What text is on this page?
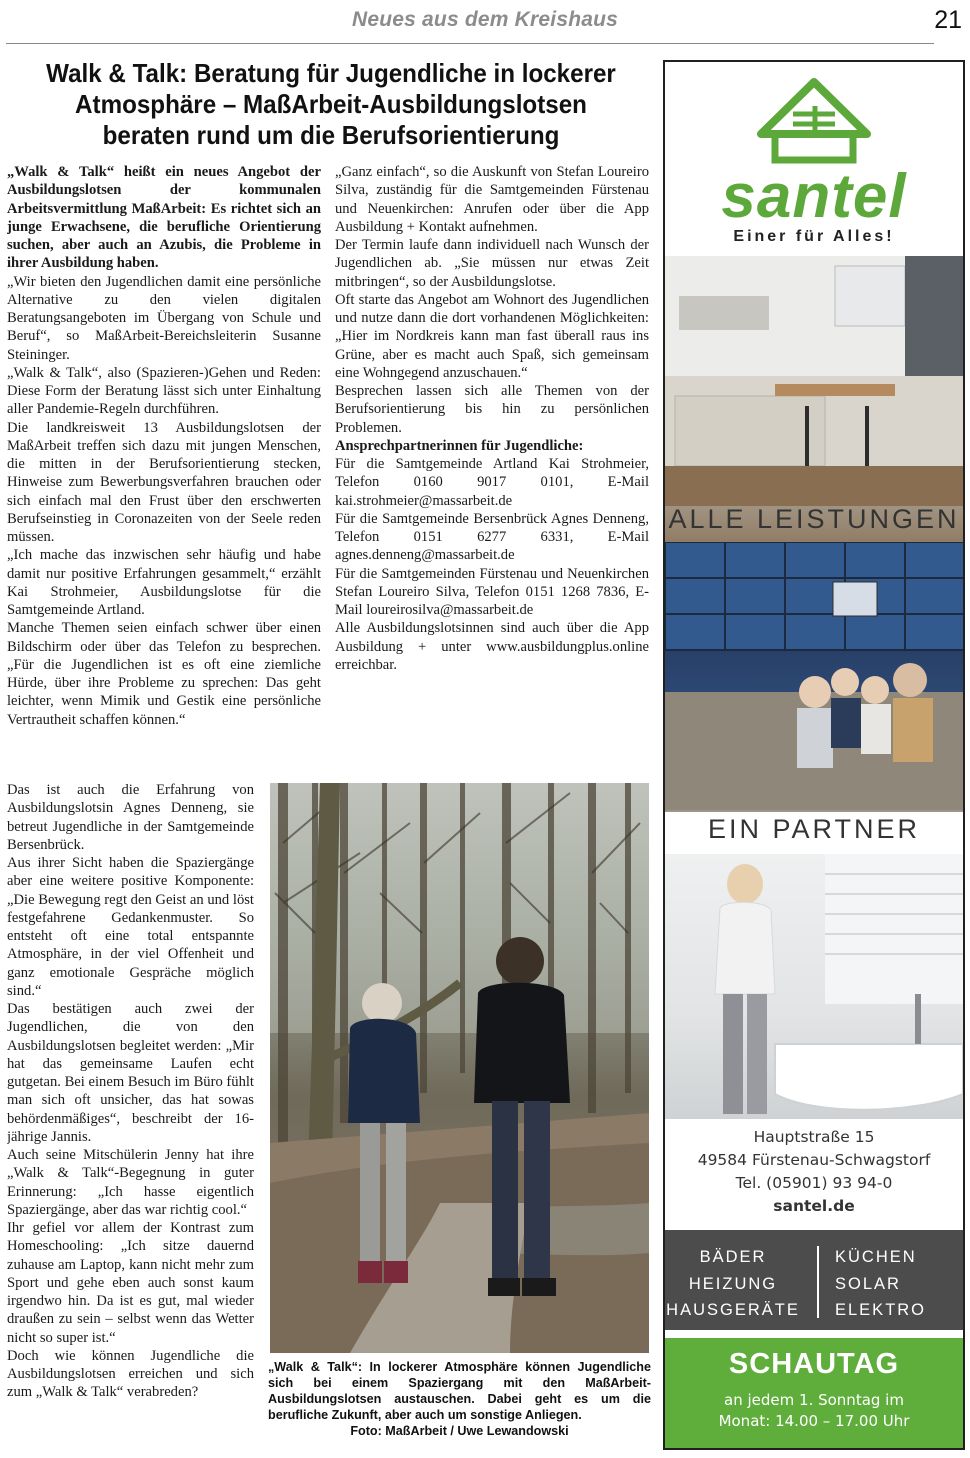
Neues aus dem Kreishaus	21
Walk & Talk: Beratung für Jugendliche in lockerer
Atmosphäre – MaßArbeit-Ausbildungslotsen
beraten rund um die Berufsorientierung

„Walk & Talk“ heißt ein neues Angebot der Ausbildungslotsen der kommunalen Arbeitsvermittlung MaßArbeit: Es richtet sich an junge Erwachsene, die berufliche Orientierung suchen, aber auch an Azubis, die Probleme in ihrer Ausbildung haben.

„Wir bieten den Jugendlichen damit eine persönliche Alternative zu den vielen digitalen Beratungsangeboten im Übergang von Schule und Beruf“, so MaßArbeit-Bereichsleiterin Susanne Steininger.

„Walk & Talk“, also (Spazieren-)Gehen und Reden: Diese Form der Beratung lässt sich unter Einhaltung aller Pandemie-Regeln durchführen.

Die landkreisweit 13 Ausbildungslotsen der MaßArbeit treffen sich dazu mit jungen Menschen, die mitten in der Berufsorientierung stecken, Hinweise zum Bewerbungsverfahren brauchen oder sich einfach mal den Frust über den erschwerten Berufseinstieg in Coronazeiten von der Seele reden müssen.

„Ich mache das inzwischen sehr häufig und habe damit nur positive Erfahrungen gesammelt,“ erzählt Kai Strohmeier, Ausbildungslotse für die Samtgemeinde Artland.

Manche Themen seien einfach schwer über einen Bildschirm oder über das Telefon zu besprechen. „Für die Jugendlichen ist es oft eine ziemliche Hürde, über ihre Probleme zu sprechen: Das geht leichter, wenn Mimik und Gestik eine persönliche Vertrautheit schaffen können.“

Das ist auch die Erfahrung von Ausbildungslotsin Agnes Denneng, sie betreut Jugendliche in der Samtgemeinde Bersenbrück.

Aus ihrer Sicht haben die Spaziergänge aber eine weitere positive Komponente: „Die Bewegung regt den Geist an und löst festgefahrene Gedankenmuster. So entsteht oft eine total entspannte Atmosphäre, in der viel Offenheit und ganz emotionale Gespräche möglich sind.“

Das bestätigen auch zwei der Jugendlichen, die von den Ausbildungslotsen begleitet werden: „Mir hat das gemeinsame Laufen echt gutgetan. Bei einem Besuch im Büro fühlt man sich oft unsicher, das hat sowas behördenmäßiges“, beschreibt der 16-jährige Jannis.

Auch seine Mitschülerin Jenny hat ihre „Walk & Talk“-Begegnung in guter Erinnerung: „Ich hasse eigentlich Spaziergänge, aber das war richtig cool.“

Ihr gefiel vor allem der Kontrast zum Homeschooling: „Ich sitze dauernd zuhause am Laptop, kann nicht mehr zum Sport und gehe eben auch sonst kaum irgendwo hin. Da ist es gut, mal wieder draußen zu sein – selbst wenn das Wetter nicht so super ist.“

Doch wie können Jugendliche die Ausbildungslotsen erreichen und sich zum „Walk & Talk“ verabreden?

„Ganz einfach“, so die Auskunft von Stefan Loureiro Silva, zuständig für die Samtgemeinden Fürstenau und Neuenkirchen: Anrufen oder über die App Ausbildung + Kontakt aufnehmen.

Der Termin laufe dann individuell nach Wunsch der Jugendlichen ab. „Sie müssen nur etwas Zeit mitbringen“, so der Ausbildungslotse.

Oft starte das Angebot am Wohnort des Jugendlichen und nutze dann die dort vorhandenen Möglichkeiten: „Hier im Nordkreis kann man fast überall raus ins Grüne, aber es macht auch Spaß, sich gemeinsam eine Wohngegend anzuschauen.“

Besprechen lassen sich alle Themen von der Berufsorientierung bis hin zu persönlichen Problemen.

Ansprechpartnerinnen für Jugendliche:

Für die Samtgemeinde Artland Kai Strohmeier, Telefon 0160 9017 0101, E-Mail kai.strohmeier@massarbeit.de

Für die Samtgemeinde Bersenbrück Agnes Denneng, Telefon 0151 6277 6331, E-Mail agnes.denneng@massarbeit.de

Für die Samtgemeinden Fürstenau und Neuenkirchen Stefan Loureiro Silva, Telefon 0151 1268 7836, E-Mail loureirosilva@massarbeit.de

Alle Ausbildungslotsinnen sind auch über die App Ausbildung + unter www.ausbildungplus.online erreichbar.

„Walk & Talk“: In lockerer Atmosphäre können Jugendliche sich bei einem Spaziergang mit den MaßArbeit-Ausbildungslotsen austauschen. Dabei geht es um die berufliche Zukunft, aber auch um sonstige Anliegen.
Foto: MaßArbeit / Uwe Lewandowski
santel
Einer für Alles!
ALLE LEISTUNGEN
EIN PARTNER
Hauptstraße 15
49584 Fürstenau-Schwagstorf
Tel. (05901) 93 94-0
santel.de
BÄDER
HEIZUNG
HAUSGERÄTE
KÜCHEN
SOLAR
ELEKTRO
SCHAUTAG
an jedem 1. Sonntag im
Monat: 14.00 – 17.00 Uhr
